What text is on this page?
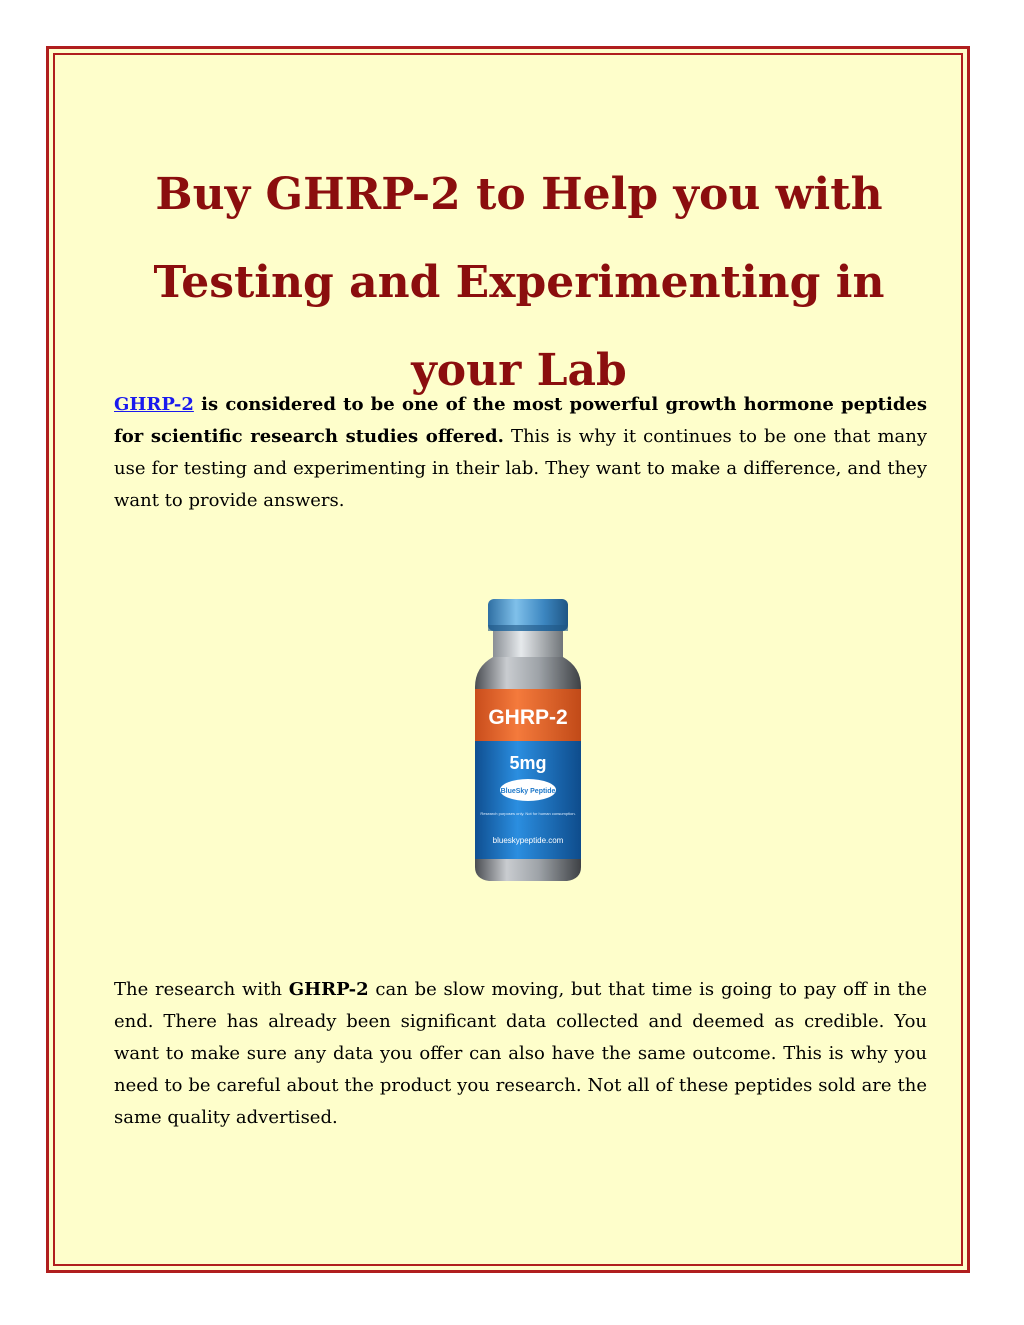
Buy GHRP-2 to Help you with Testing and Experimenting in your Lab

GHRP-2 is considered to be one of the most powerful growth hormone peptides for scientific research studies offered. This is why it continues to be one that many use for testing and experimenting in their lab. They want to make a difference, and they want to provide answers.

GHRP-2
5mg
BlueSky Peptide
Research purposes only. Not for human consumption.
blueskypeptide.com

The research with GHRP-2 can be slow moving, but that time is going to pay off in the end. There has already been significant data collected and deemed as credible. You want to make sure any data you offer can also have the same outcome. This is why you need to be careful about the product you research. Not all of these peptides sold are the same quality advertised.
